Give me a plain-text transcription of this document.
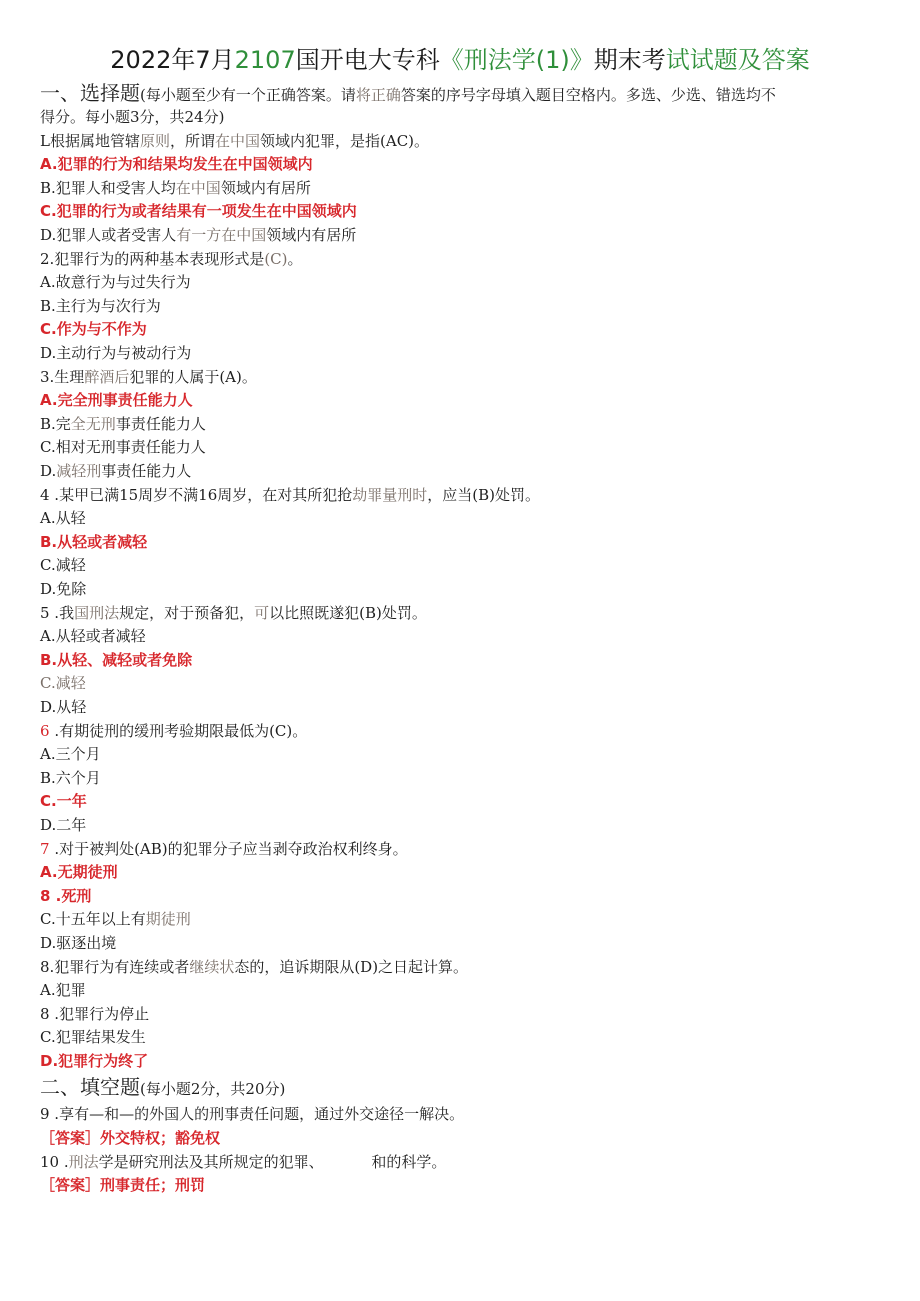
2022年7月2107国开电大专科《刑法学(1)》期末考试试题及答案
一、选择题(每小题至少有一个正确答案。请将正确答案的序号字母填入题目空格内。多选、少选、错选均不
得分。每小题3分，共24分)
L根据属地管辖原则，所谓在中国领域内犯罪，是指(AC)。
A.犯罪的行为和结果均发生在中国领域内
B.犯罪人和受害人均在中国领域内有居所
C.犯罪的行为或者结果有一项发生在中国领域内
D.犯罪人或者受害人有一方在中国领域内有居所
2.犯罪行为的两种基本表现形式是(C)。
A.故意行为与过失行为
B.主行为与次行为
C.作为与不作为
D.主动行为与被动行为
3.生理醉酒后犯罪的人属于(A)。
A.完全刑事责任能力人
B.完全无刑事责任能力人
C.相对无刑事责任能力人
D.减轻刑事责任能力人
4 .某甲已满15周岁不满16周岁，在对其所犯抢劫罪量刑时，应当(B)处罚。
A.从轻
B.从轻或者减轻
C.减轻
D.免除
5 .我国刑法规定，对于预备犯，可以比照既遂犯(B)处罚。
A.从轻或者减轻
B.从轻、减轻或者免除
C.减轻
D.从轻
6 .有期徒刑的缓刑考验期限最低为(C)。
A.三个月
B.六个月
C.一年
D.二年
7 .对于被判处(AB)的犯罪分子应当剥夺政治权利终身。
A.无期徒刑
8 .死刑
C.十五年以上有期徒刑
D.驱逐出境
8.犯罪行为有连续或者继续状态的，追诉期限从(D)之日起计算。
A.犯罪
8 .犯罪行为停止
C.犯罪结果发生
D.犯罪行为终了
二、填空题(每小题2分，共20分)
9 .享有—和—的外国人的刑事责任问题，通过外交途径一解决。
［答案］外交特权；豁免权
10 .刑法学是研究刑法及其所规定的犯罪、          和的科学。
［答案］刑事责任；刑罚
